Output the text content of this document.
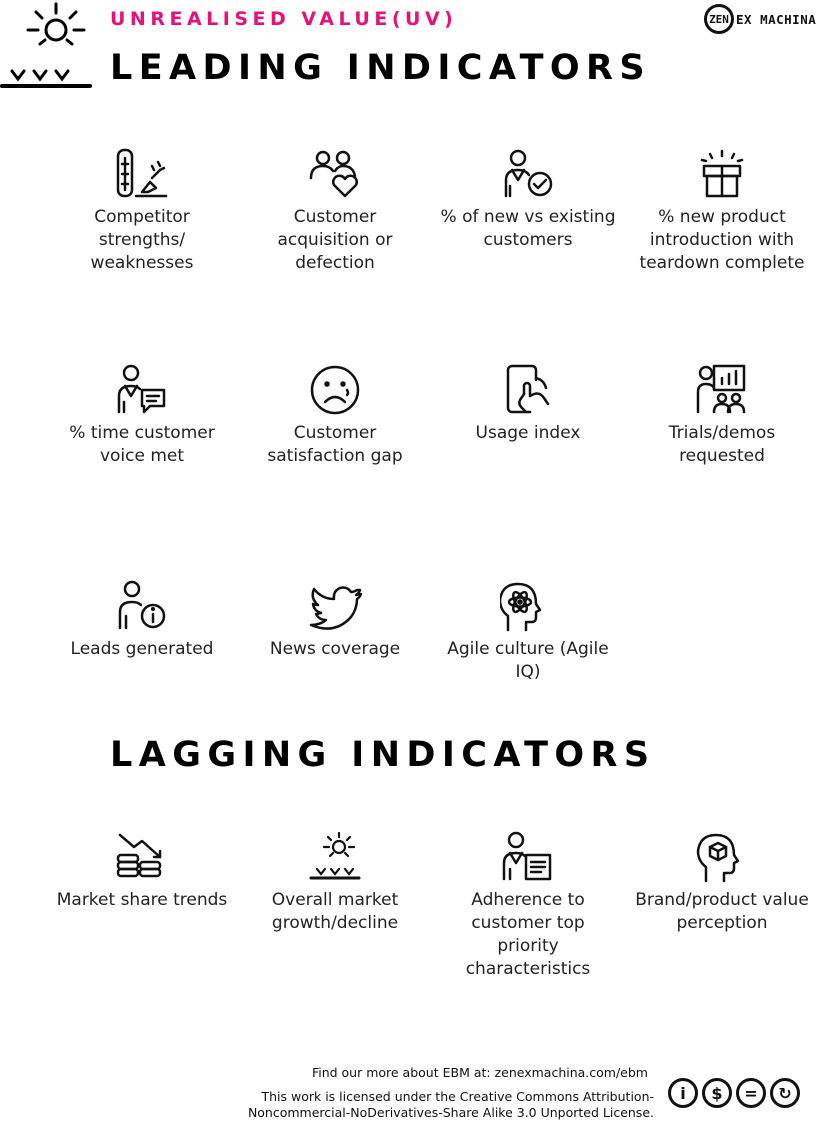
UNREALISED VALUE(UV)	ZEN EX MACHINA
LEADING INDICATORS
Competitor strengths/ weaknesses
Customer acquisition or defection
% of new vs existing customers
% new product introduction with teardown complete
% time customer voice met
Customer satisfaction gap
Usage index	Trials/demos requested
Leads generated	News coverage	Agile culture (Agile IQ)
LAGGING INDICATORS
Market share trends	Overall market growth/decline
Adherence to customer top priority characteristics
Brand/product value perception
Find our more about EBM at: zenexmachina.com/ebm
This work is licensed under the Creative Commons Attribution-
Noncommercial-NoDerivatives-Share Alike 3.0 Unported License.
i	$	=	↻
